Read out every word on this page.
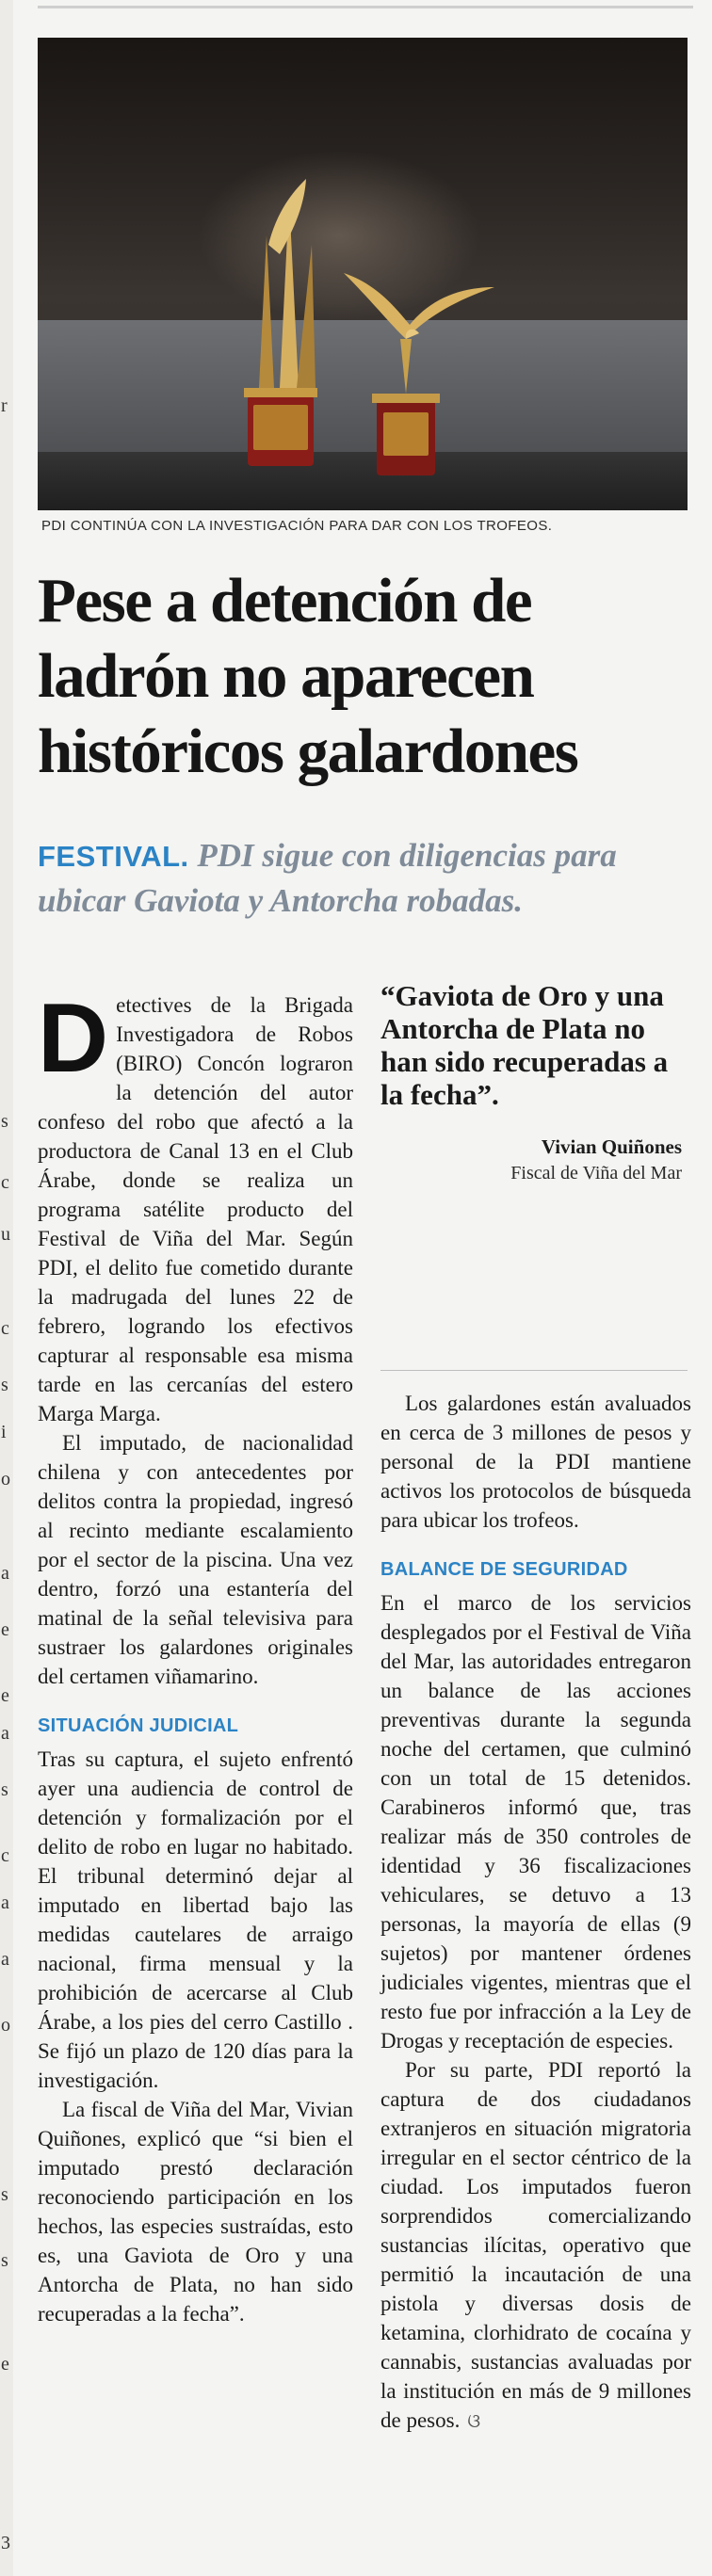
r
s
c
u
c
s
i
o
a
e
e
a
s
c
a
a
o
s
s
e
3
PDI CONTINÚA CON LA INVESTIGACIÓN PARA DAR CON LOS TROFEOS.
Pese a detención de ladrón no aparecen históricos galardones

FESTIVAL. PDI sigue con diligencias para ubicar Gaviota y Antorcha robadas.

Detectives de la Brigada Investigadora de Robos (BIRO) Concón lograron la detención del autor confeso del robo que afectó a la productora de Canal 13 en el Club Árabe, donde se realiza un programa satélite producto del Festival de Viña del Mar. Según PDI, el delito fue cometido durante la madrugada del lunes 22 de febrero, logrando los efectivos capturar al responsable esa misma tarde en las cercanías del estero Marga Marga.

El imputado, de nacionalidad chilena y con antecedentes por delitos contra la propiedad, ingresó al recinto mediante escalamiento por el sector de la piscina. Una vez dentro, forzó una estantería del matinal de la señal televisiva para sustraer los galardones originales del certamen viñamarino.

SITUACIÓN JUDICIAL

Tras su captura, el sujeto enfrentó ayer una audiencia de control de detención y formalización por el delito de robo en lugar no habitado. El tribunal determinó dejar al imputado en libertad bajo las medidas cautelares de arraigo nacional, firma mensual y la prohibición de acercarse al Club Árabe, a los pies del cerro Castillo . Se fijó un plazo de 120 días para la investigación.

La fiscal de Viña del Mar, Vivian Quiñones, explicó que “si bien el imputado prestó declaración reconociendo participación en los hechos, las especies sustraídas, esto es, una Gaviota de Oro y una Antorcha de Plata, no han sido recuperadas a la fecha”.

“Gaviota de Oro y una Antorcha de Plata no han sido recuperadas a la fecha”.

Vivian Quiñones

Fiscal de Viña del Mar

Los galardones están avaluados en cerca de 3 millones de pesos y personal de la PDI mantiene activos los protocolos de búsqueda para ubicar los trofeos.

BALANCE DE SEGURIDAD

En el marco de los servicios desplegados por el Festival de Viña del Mar, las autoridades entregaron un balance de las acciones preventivas durante la segunda noche del certamen, que culminó con un total de 15 detenidos. Carabineros informó que, tras realizar más de 350 controles de identidad y 36 fiscalizaciones vehiculares, se detuvo a 13 personas, la mayoría de ellas (9 sujetos) por mantener órdenes judiciales vigentes, mientras que el resto fue por infracción a la Ley de Drogas y receptación de especies.

Por su parte, PDI reportó la captura de dos ciudadanos extranjeros en situación migratoria irregular en el sector céntrico de la ciudad. Los imputados fueron sorprendidos comercializando sustancias ilícitas, operativo que permitió la incautación de una pistola y diversas dosis de ketamina, clorhidrato de cocaína y cannabis, sustancias avaluadas por la institución en más de 9 millones de pesos. ଓ
